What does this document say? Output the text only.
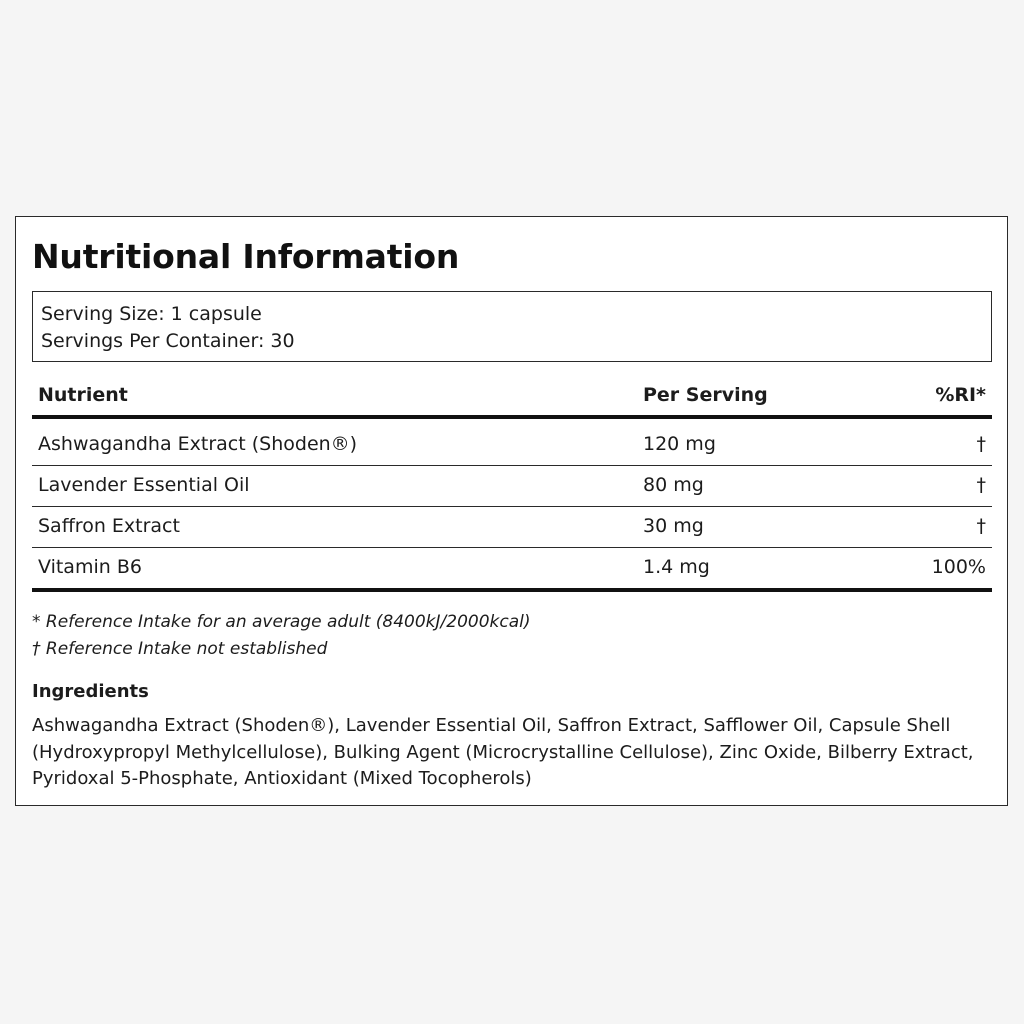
Nutritional Information
Serving Size: 1 capsule
Servings Per Container: 30
Nutrient	Per Serving	%RI*
Ashwagandha Extract (Shoden®)	120 mg	†
Lavender Essential Oil	80 mg	†
Saffron Extract	30 mg	†
Vitamin B6	1.4 mg	100%
* Reference Intake for an average adult (8400kJ/2000kcal)
† Reference Intake not established
Ingredients

Ashwagandha Extract (Shoden®), Lavender Essential Oil, Saffron Extract, Safflower Oil, Capsule Shell (Hydroxypropyl Methylcellulose), Bulking Agent (Microcrystalline Cellulose), Zinc Oxide, Bilberry Extract, Pyridoxal 5-Phosphate, Antioxidant (Mixed Tocopherols)
